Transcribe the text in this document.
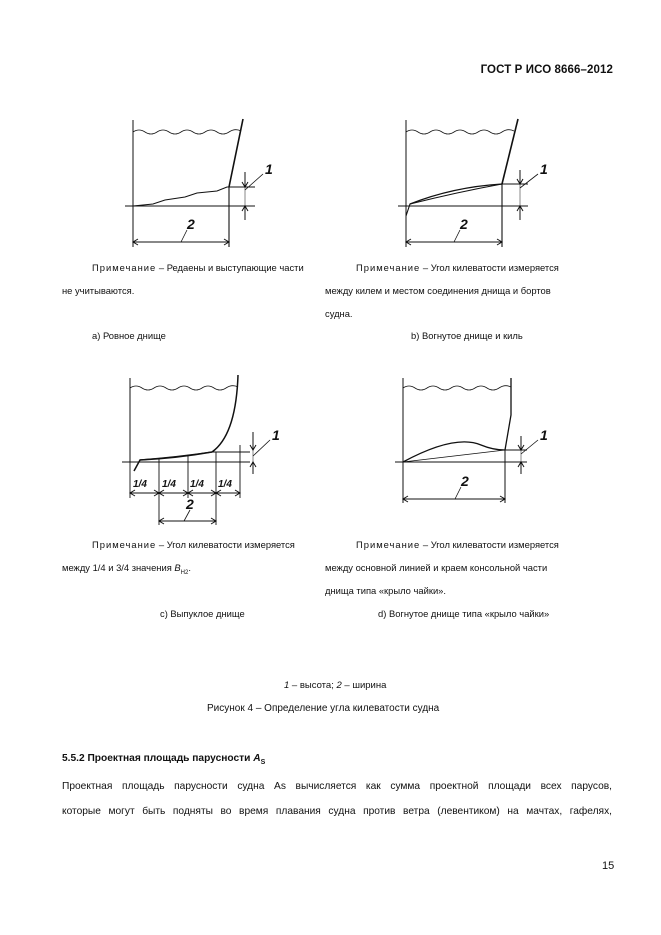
ГОСТ Р ИСО 8666–2012
1
2
Примечание – Редаены и выступающие части
не учитываются.
а) Ровное днище
1
2
Примечание – Угол килеватости измеряется
между килем и местом соединения днища и бортов
судна.
b) Вогнутое днище и киль
1/4 1/4 1/4 1/4
1
2
Примечание – Угол килеватости измеряется
между 1/4 и 3/4 значения $B_{H2}$.
с) Выпуклое днище
1
2
Примечание – Угол килеватости измеряется
между основной линией и краем консольной части
днища типа «крыло чайки».
d) Вогнутое днище типа «крыло чайки»
1 – высота; 2 – ширина
Рисунок 4 – Определение угла килеватости судна
5.5.2 Проектная площадь парусности $A_S$
Проектная площадь парусности судна As вычисляется как сумма проектной площади всех парусов,
которые могут быть подняты во время плавания судна против ветра (левентиком) на мачтах, гафелях,
15
